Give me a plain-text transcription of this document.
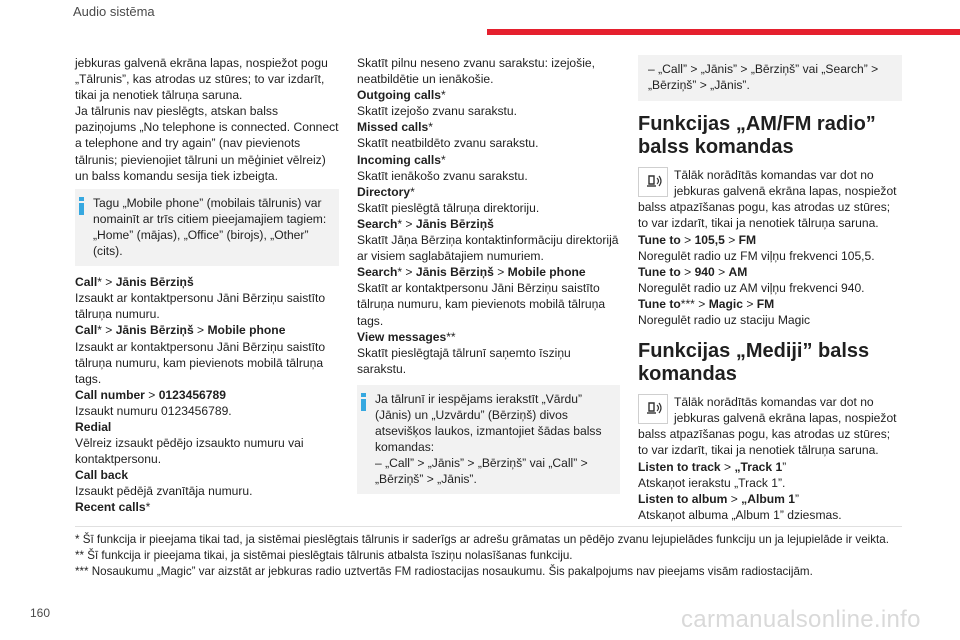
Audio sistēma

jebkuras galvenā ekrāna lapas, nospiežot pogu „Tālrunis”, kas atrodas uz stūres; to var izdarīt, tikai ja nenotiek tālruņa saruna.

Ja tālrunis nav pieslēgts, atskan balss paziņojums „No telephone is connected. Connect a telephone and try again” (nav pievienots tālrunis; pievienojiet tālruni un mēģiniet vēlreiz) un balss komandu sesija tiek izbeigta.

Tagu „Mobile phone” (mobilais tālrunis) var nomainīt ar trīs citiem pieejamajiem tagiem: „Home” (mājas), „Office” (birojs), „Other” (cits).

Call* > Jānis Bērziņš

Izsaukt ar kontaktpersonu Jāni Bērziņu saistīto tālruņa numuru.

Call* > Jānis Bērziņš > Mobile phone

Izsaukt ar kontaktpersonu Jāni Bērziņu saistīto tālruņa numuru, kam pievienots mobilā tālruņa tags.

Call number > 0123456789

Izsaukt numuru 0123456789.

Redial

Vēlreiz izsaukt pēdējo izsaukto numuru vai kontaktpersonu.

Call back

Izsaukt pēdējā zvanītāja numuru.

Recent calls*

Skatīt pilnu neseno zvanu sarakstu: izejošie, neatbildētie un ienākošie.

Outgoing calls*

Skatīt izejošo zvanu sarakstu.

Missed calls*

Skatīt neatbildēto zvanu sarakstu.

Incoming calls*

Skatīt ienākošo zvanu sarakstu.

Directory*

Skatīt pieslēgtā tālruņa direktoriju.

Search* > Jānis Bērziņš

Skatīt Jāņa Bērziņa kontaktinformāciju direktorijā ar visiem saglabātajiem numuriem.

Search* > Jānis Bērziņš > Mobile phone

Skatīt ar kontaktpersonu Jāni Bērziņu saistīto tālruņa numuru, kam pievienots mobilā tālruņa tags.

View messages**

Skatīt pieslēgtajā tālrunī saņemto īsziņu sarakstu.

Ja tālrunī ir iespējams ierakstīt „Vārdu” (Jānis) un „Uzvārdu” (Bērziņš) divos atsevišķos laukos, izmantojiet šādas balss komandas:

– „Call” > „Jānis” > „Bērziņš” vai „Call” > „Bērziņš” > „Jānis”.

– „Call” > „Jānis” > „Bērziņš” vai „Search” > „Bērziņš” > „Jānis”.

Funkcijas „AM/FM radio” balss komandas

Tālāk norādītās komandas var dot no jebkuras galvenā ekrāna lapas, nospiežot balss atpazīšanas pogu, kas atrodas uz stūres; to var izdarīt, tikai ja nenotiek tālruņa saruna.

Tune to > 105,5 > FM

Noregulēt radio uz FM viļņu frekvenci 105,5.

Tune to > 940 > AM

Noregulēt radio uz AM viļņu frekvenci 940.

Tune to*** > Magic > FM

Noregulēt radio uz staciju Magic

Funkcijas „Mediji” balss komandas

Tālāk norādītās komandas var dot no jebkuras galvenā ekrāna lapas, nospiežot balss atpazīšanas pogu, kas atrodas uz stūres; to var izdarīt, tikai ja nenotiek tālruņa saruna.

Listen to track > „Track 1”

Atskaņot ierakstu „Track 1”.

Listen to album > „Album 1”

Atskaņot albuma „Album 1” dziesmas.

* Šī funkcija ir pieejama tikai tad, ja sistēmai pieslēgtais tālrunis ir saderīgs ar adrešu grāmatas un pēdējo zvanu lejupielādes funkciju un ja lejupielāde ir veikta.

** Šī funkcija ir pieejama tikai, ja sistēmai pieslēgtais tālrunis atbalsta īsziņu nolasīšanas funkciju.

*** Nosaukumu „Magic” var aizstāt ar jebkuras radio uztvertās FM radiostacijas nosaukumu. Šis pakalpojums nav pieejams visām radiostacijām.

160	carmanualsonline.info
